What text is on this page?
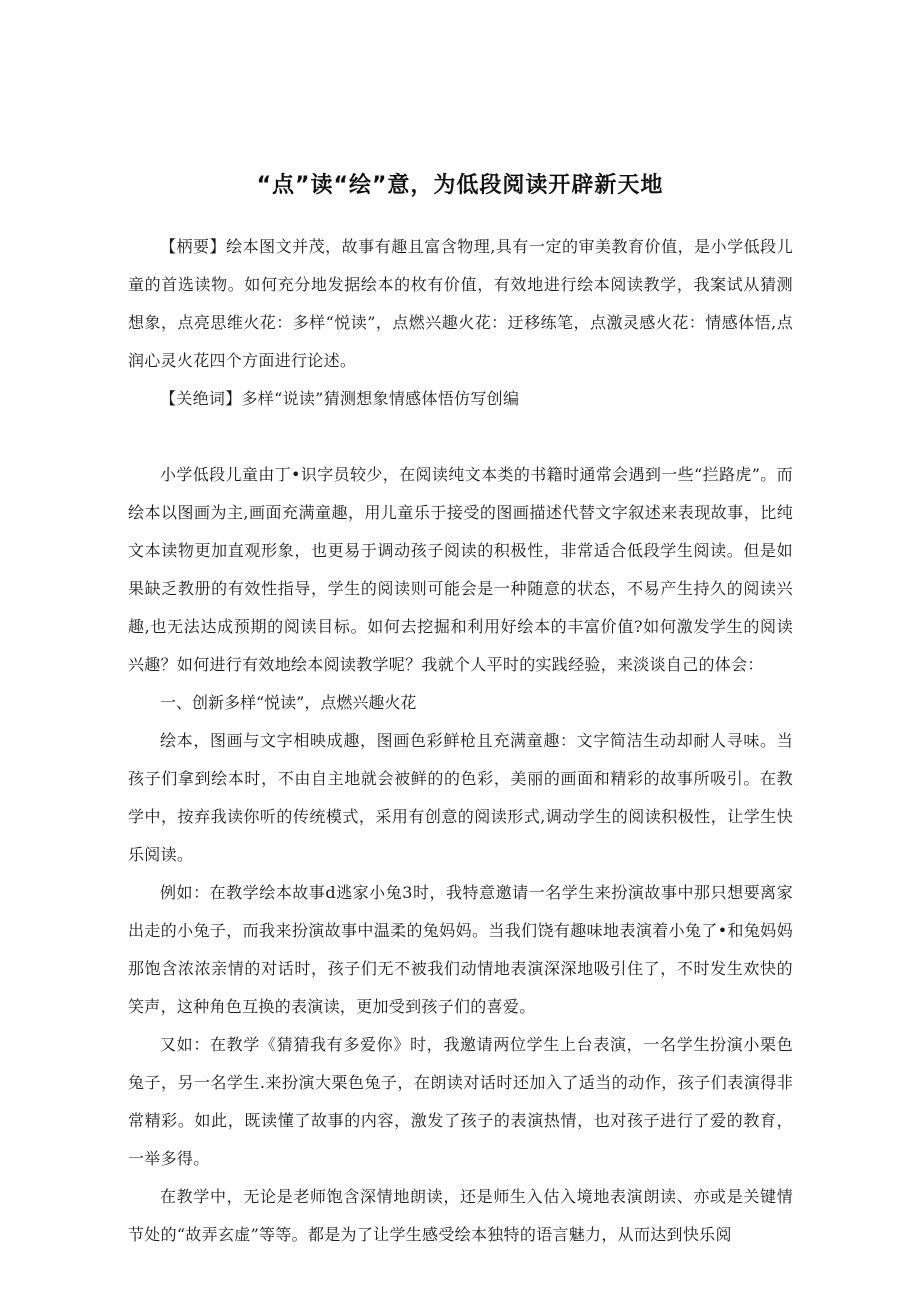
“点”读“绘”意，为低段阅读开辟新天地

【柄要】绘本图文并茂，故事有趣且富含物理,具有一定的审美教育价值，是小学低段儿童的首选读物。如何充分地发据绘本的枚有价值，有效地进行绘本阅读教学，我案试从猜测想象，点亮思维火花：多样“悦读”，点燃兴趣火花：迂移练笔，点激灵感火花：情感体悟,点润心灵火花四个方面进行论述。

【关绝词】多样“说读”猜测想象情感体悟仿写创编

小学低段儿童由丁•识字员较少，在阅读纯文本类的书籍时通常会遇到一些“拦路虎”。而绘本以图画为主,画面充满童趣，用儿童乐于接受的图画描述代替文字叙述来表现故事，比纯文本读物更加直观形象，也更易于调动孩子阅读的积极性，非常适合低段学生阅读。但是如果缺乏教册的有效性指导，学生的阅读则可能会是一种随意的状态，不易产生持久的阅读兴趣,也无法达成预期的阅读目标。如何去挖掘和利用好绘本的丰富价值?如何激发学生的阅读兴趣？如何进行有效地绘本阅读教学呢？我就个人平时的实践经验，来淡谈自己的体会：

一、创新多样“悦读”，点燃兴趣火花

绘本，图画与文字相映成趣，图画色彩鲜枪且充满童趣：文字简洁生动却耐人寻味。当孩子们拿到绘本时，不由自主地就会被鲜的的色彩，美丽的画面和精彩的故事所吸引。在教学中，按弃我读你听的传统模式，采用有创意的阅读形式,调动学生的阅读积极性，让学生快乐阅读。

例如：在教学绘本故事d逃家小兔3时，我特意邀请一名学生来扮演故事中那只想要离家出走的小兔子，而我来扮演故事中温柔的兔妈妈。当我们饶有趣味地表演着小兔了•和兔妈妈那饱含浓浓亲情的对话时，孩子们无不被我们动情地表演深深地吸引住了，不时发生欢快的笑声，这种角色互换的表演读，更加受到孩子们的喜爱。

又如：在教学《猜猜我有多爱你》时，我邀请两位学生上台表演，一名学生扮演小栗色兔子，另一名学生.来扮演大栗色兔子，在朗读对话时还加入了适当的动作，孩子们表演得非常精彩。如此，既读懂了故事的内容，激发了孩子的表演热情，也对孩子进行了爱的教育，一举多得。

在教学中，无论是老师饱含深情地朗读，还是师生入估入境地表演朗读、亦或是关键情节处的“故弄玄虚”等等。都是为了让学生感受绘本独特的语言魅力，从而达到快乐阅
